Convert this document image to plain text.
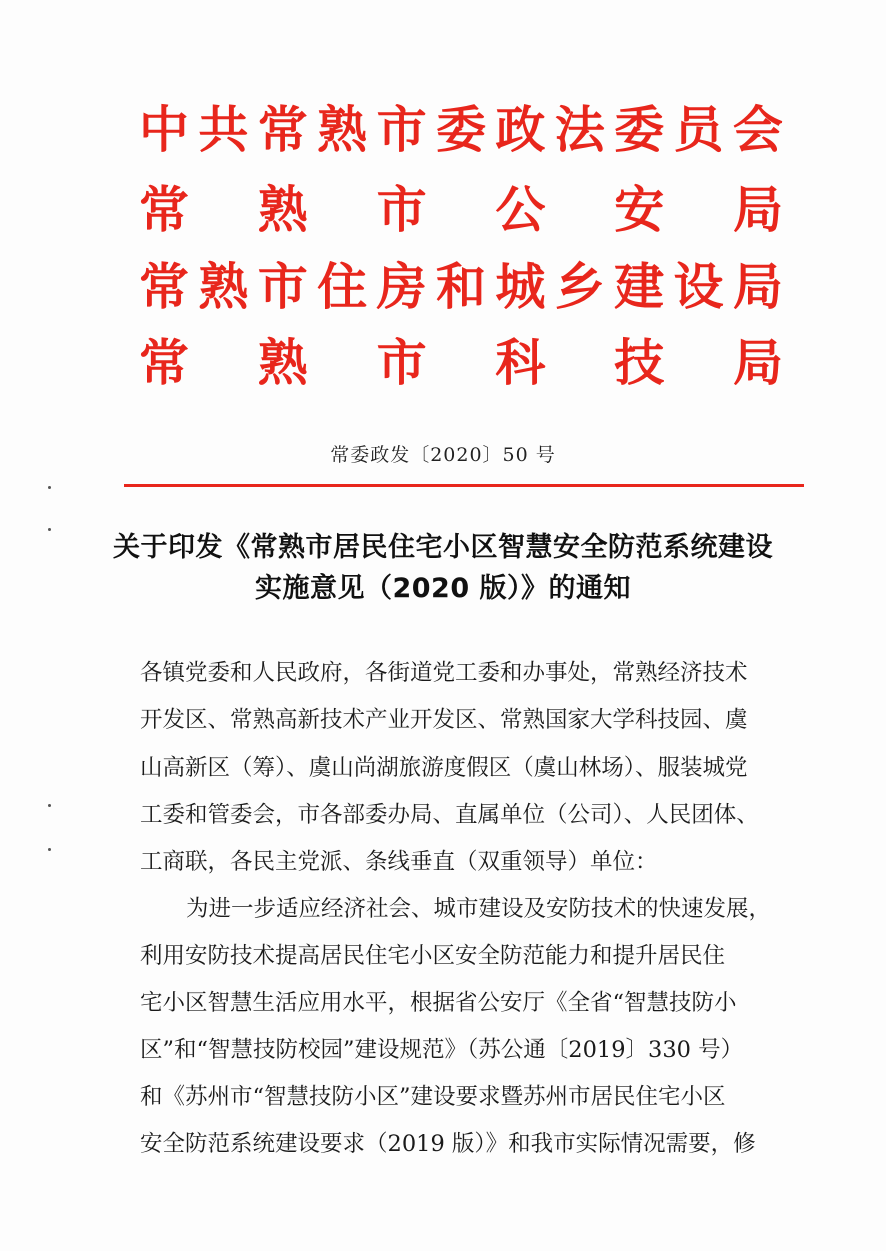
中 共 常 熟 市 委 政 法 委 员 会
常 熟 市 公 安 局
常 熟 市 住 房 和 城 乡 建 设 局
常 熟 市 科 技 局
常委政发〔2020〕50 号
关于印发《常熟市居民住宅小区智慧安全防范系统建设
实施意见（2020 版）》的通知
各镇党委和人民政府，各街道党工委和办事处，常熟经济技术
开发区、常熟高新技术产业开发区、常熟国家大学科技园、虞
山高新区（筹）、虞山尚湖旅游度假区（虞山林场）、服装城党
工委和管委会，市各部委办局、直属单位（公司）、人民团体、
工商联，各民主党派、条线垂直（双重领导）单位：
为进一步适应经济社会、城市建设及安防技术的快速发展，
利用安防技术提高居民住宅小区安全防范能力和提升居民住
宅小区智慧生活应用水平，根据省公安厅《全省“智慧技防小
区”和“智慧技防校园”建设规范》（苏公通〔2019〕330 号）
和《苏州市“智慧技防小区”建设要求暨苏州市居民住宅小区
安全防范系统建设要求（2019 版）》和我市实际情况需要，修
